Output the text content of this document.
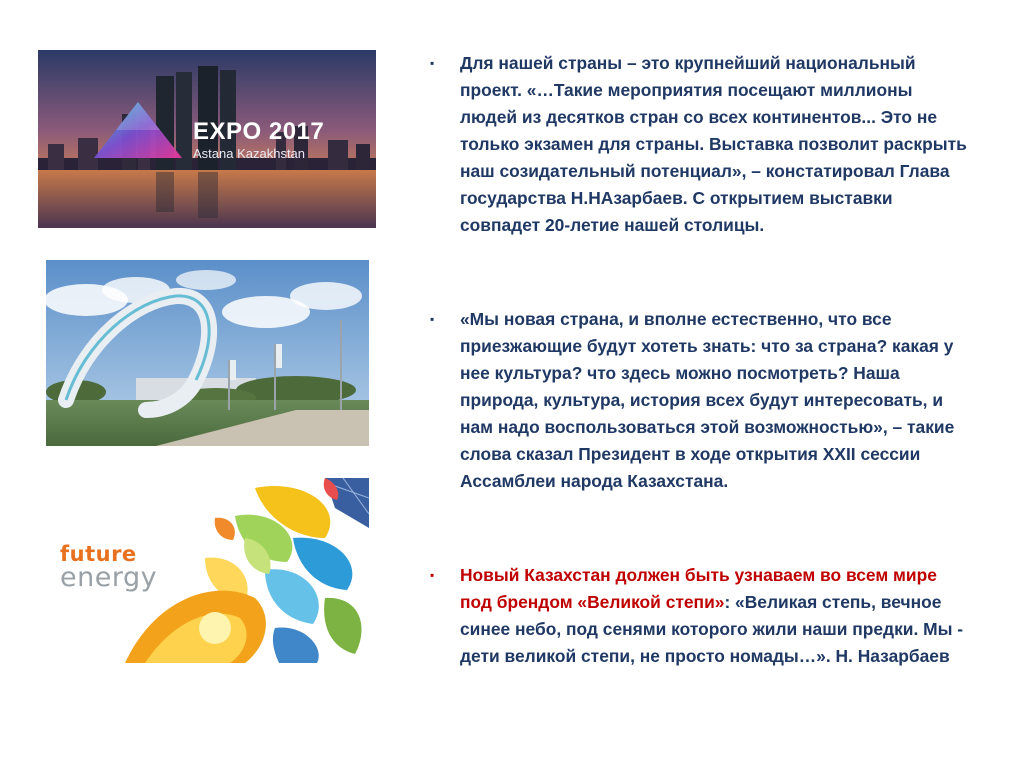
EXPO 2017
Astana Kazakhstan
future
energy
▪ Для нашей страны – это крупнейший национальный проект. «…Такие мероприятия посещают миллионы людей из десятков стран со всех континентов... Это не только экзамен для страны. Выставка позволит раскрыть наш созидательный потенциал», – констатировал Глава государства Н.НАзарбаев. С открытием выставки совпадет 20-летие нашей столицы.
▪ «Мы новая страна, и вполне естественно, что все приезжающие будут хотеть знать: что за страна? какая у нее культура? что здесь можно посмотреть? Наша природа, культура, история всех будут интересовать, и нам надо воспользоваться этой возможностью», – такие слова сказал Президент в ходе открытия XXII сессии Ассамблеи народа Казахстана.
▪ Новый Казахстан должен быть узнаваем во всем мире под брендом «Великой степи»: «Великая степь, вечное синее небо, под сенями которого жили наши предки. Мы - дети великой степи, не просто номады…». Н. Назарбаев
